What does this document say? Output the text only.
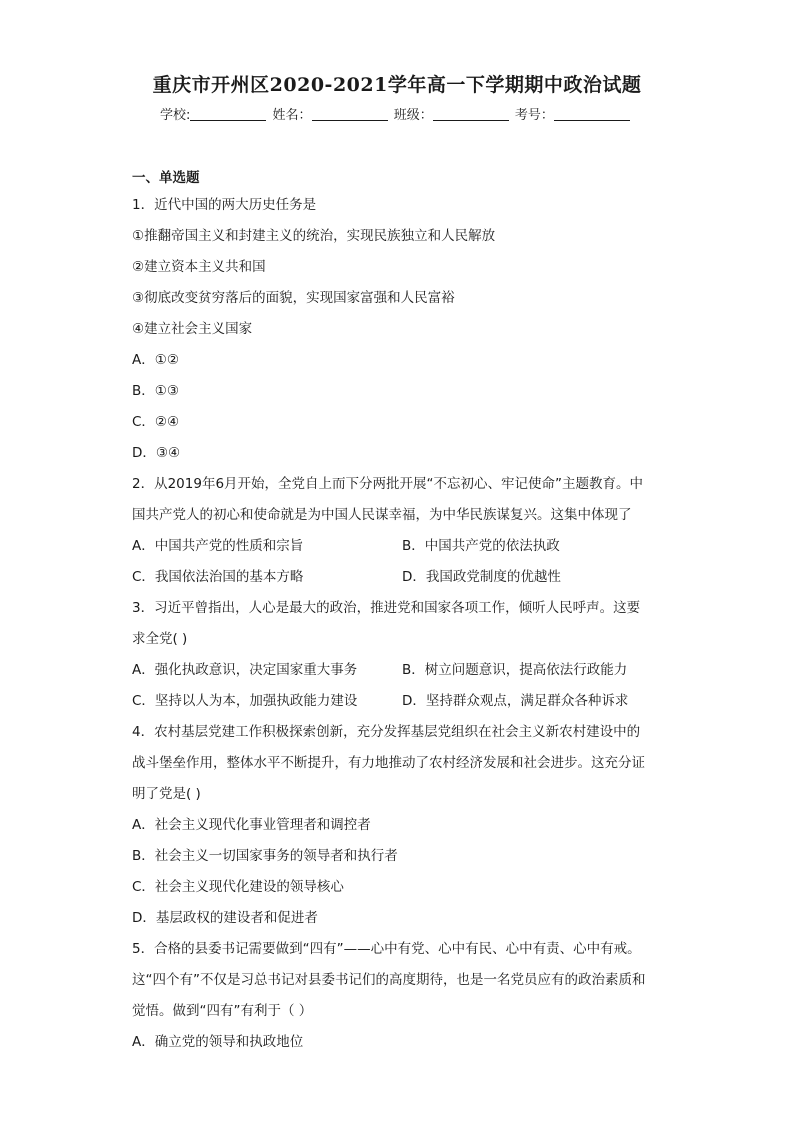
重庆市开州区2020-2021学年高一下学期期中政治试题
学校:	姓名：	班级：	考号：
一、单选题
1．近代中国的两大历史任务是
①推翻帝国主义和封建主义的统治，实现民族独立和人民解放
②建立资本主义共和国
③彻底改变贫穷落后的面貌，实现国家富强和人民富裕
④建立社会主义国家
A．①②
B．①③
C．②④
D．③④
2．从2019年6月开始，全党自上而下分两批开展“不忘初心、牢记使命”主题教育。中
国共产党人的初心和使命就是为中国人民谋幸福，为中华民族谋复兴。这集中体现了
A．中国共产党的性质和宗旨	B．中国共产党的依法执政
C．我国依法治国的基本方略	D．我国政党制度的优越性
3．习近平曾指出，人心是最大的政治，推进党和国家各项工作，倾听人民呼声。这要
求全党( )
A．强化执政意识，决定国家重大事务	B．树立问题意识，提高依法行政能力
C．坚持以人为本，加强执政能力建设	D．坚持群众观点，满足群众各种诉求
4．农村基层党建工作积极探索创新，充分发挥基层党组织在社会主义新农村建设中的
战斗堡垒作用，整体水平不断提升，有力地推动了农村经济发展和社会进步。这充分证
明了党是( )
A．社会主义现代化事业管理者和调控者
B．社会主义一切国家事务的领导者和执行者
C．社会主义现代化建设的领导核心
D．基层政权的建设者和促进者
5．合格的县委书记需要做到“四有”——心中有党、心中有民、心中有责、心中有戒。
这“四个有”不仅是习总书记对县委书记们的高度期待，也是一名党员应有的政治素质和
觉悟。做到“四有”有利于（ ）
A．确立党的领导和执政地位
